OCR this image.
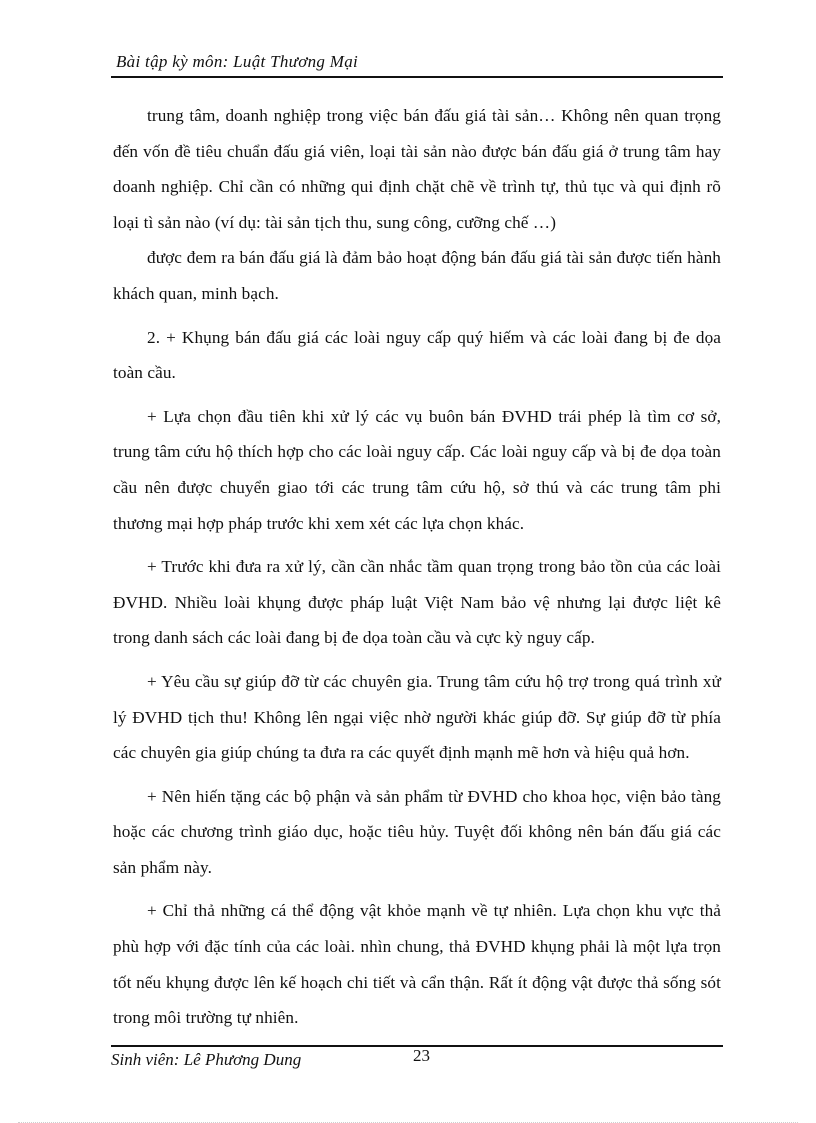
Bài tập kỳ môn: Luật Thương Mại

trung tâm, doanh nghiệp trong việc bán đấu giá tài sản… Không nên quan trọng đến vốn đề tiêu chuẩn đấu giá viên, loại tài sản nào được bán đấu giá ở trung tâm hay doanh nghiệp. Chỉ cần có những qui định chặt chẽ về trình tự, thủ tục và qui định rõ loại tì sản nào (ví dụ: tài sản tịch thu, sung công, cưỡng chế …)

được đem ra bán đấu giá là đảm bảo hoạt động bán đấu giá tài sản được tiến hành khách quan, minh bạch.

2. + Khụng bán đấu giá các loài nguy cấp quý hiếm và các loài đang bị đe dọa toàn cầu.

+ Lựa chọn đầu tiên khi xử lý các vụ buôn bán ĐVHD trái phép là tìm cơ sở, trung tâm cứu hộ thích hợp cho các loài nguy cấp. Các loài nguy cấp và bị đe dọa toàn cầu nên được chuyển giao tới các trung tâm cứu hộ, sở thú và các trung tâm phi thương mại hợp pháp trước khi xem xét các lựa chọn khác.

+ Trước khi đưa ra xử lý, cần cần nhắc tầm quan trọng trong bảo tồn của các loài ĐVHD. Nhiều loài khụng được pháp luật Việt Nam bảo vệ nhưng lại được liệt kê trong danh sách các loài đang bị đe dọa toàn cầu và cực kỳ nguy cấp.

+ Yêu cầu sự giúp đỡ từ các chuyên gia. Trung tâm cứu hộ trợ trong quá trình xử lý ĐVHD tịch thu! Không lên ngại việc nhờ người khác giúp đỡ. Sự giúp đỡ từ phía các chuyên gia giúp chúng ta đưa ra các quyết định mạnh mẽ hơn và hiệu quả hơn.

+ Nên hiến tặng các bộ phận và sản phẩm từ ĐVHD cho khoa học, viện bảo tàng hoặc các chương trình giáo dục, hoặc tiêu hủy. Tuyệt đối không nên bán đấu giá các sản phẩm này.

+ Chỉ thả những cá thể động vật khỏe mạnh về tự nhiên. Lựa chọn khu vực thả phù hợp với đặc tính của các loài. nhìn chung, thả ĐVHD khụng phải là một lựa trọn tốt nếu khụng được lên kế hoạch chi tiết và cẩn thận. Rất ít động vật được thả sống sót trong môi trường tự nhiên.

Sinh viên: Lê Phương Dung	23
